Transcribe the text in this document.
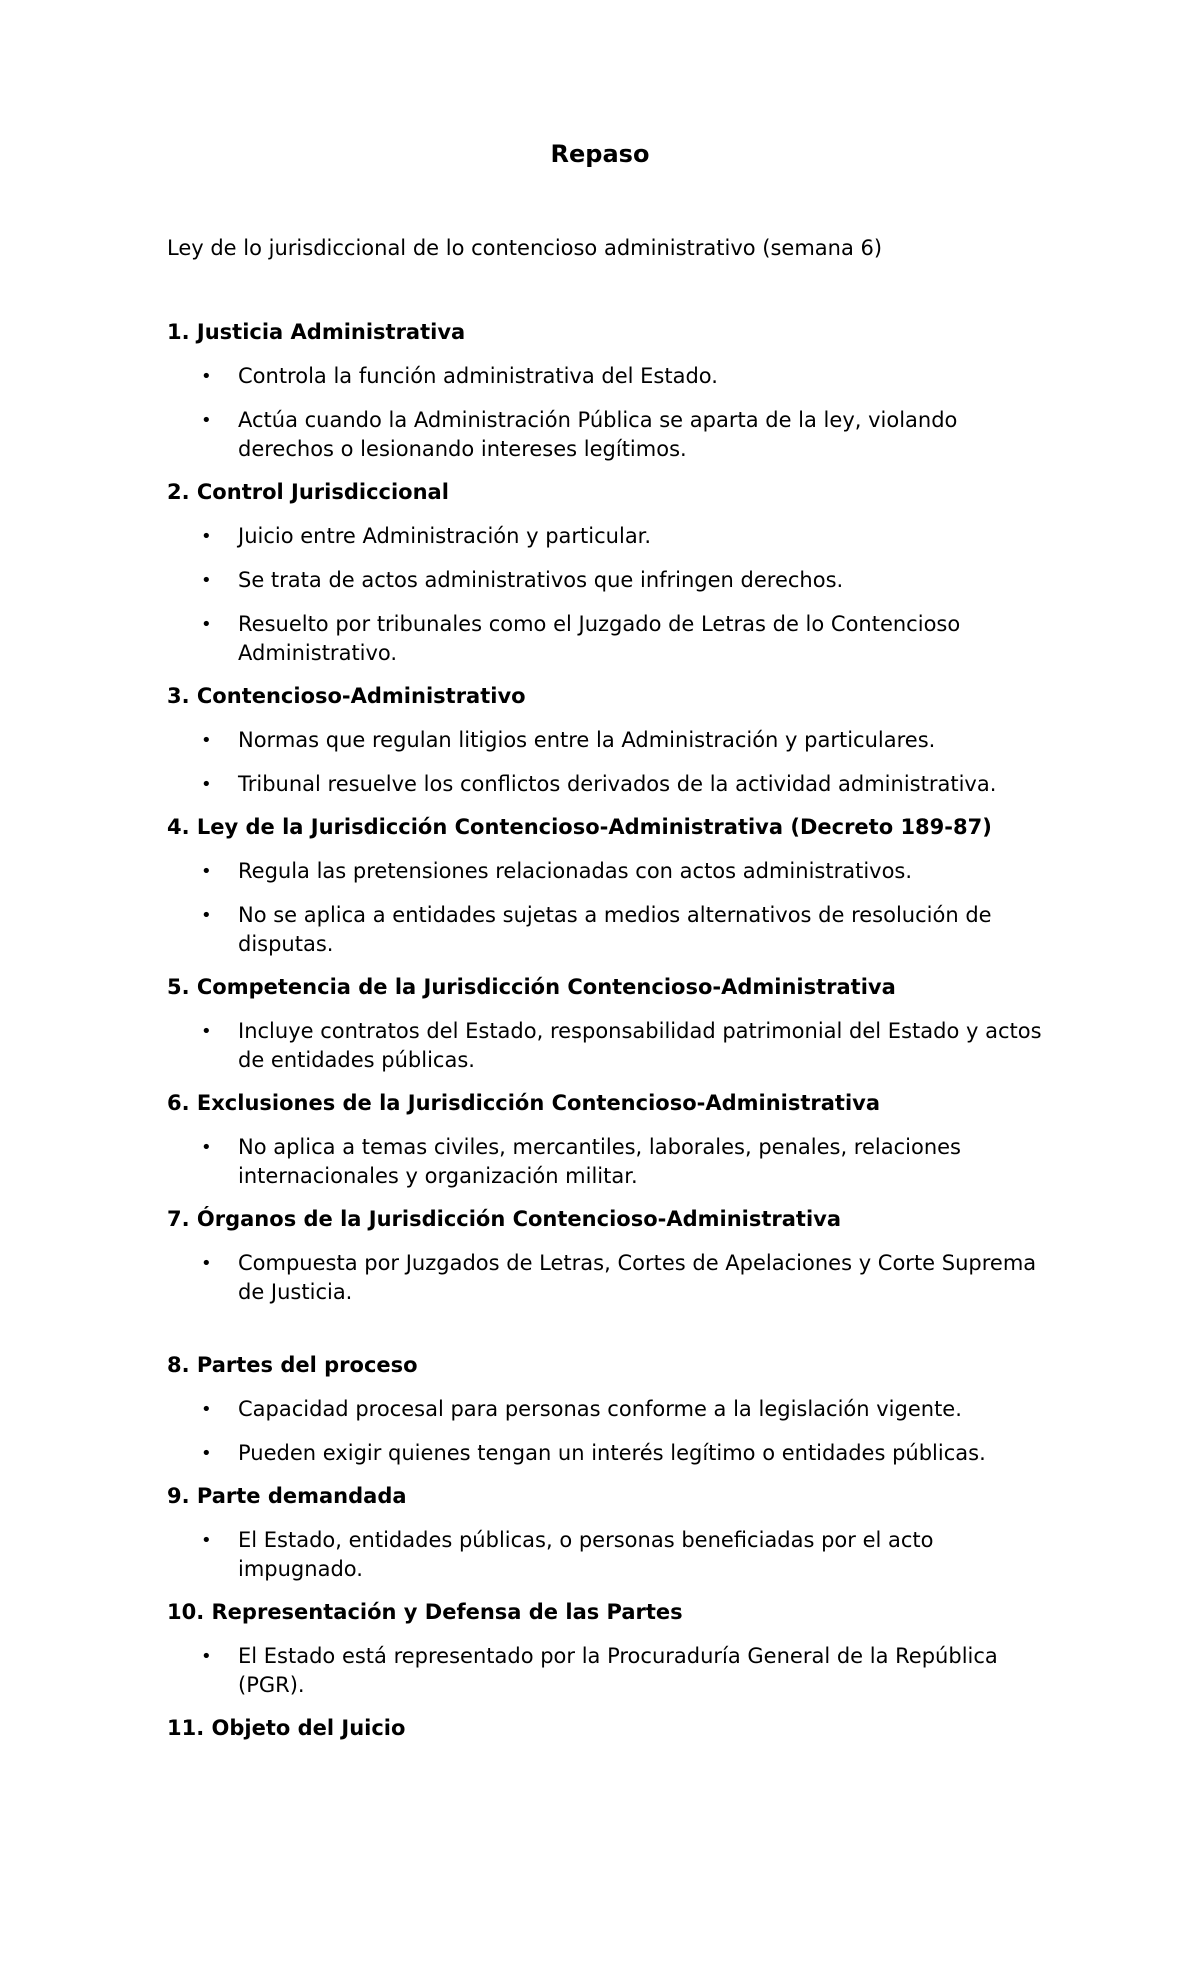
Repaso
Ley de lo jurisdiccional de lo contencioso administrativo (semana 6)
1. Justicia Administrativa
• Controla la función administrativa del Estado.
• Actúa cuando la Administración Pública se aparta de la ley, violando derechos o lesionando intereses legítimos.
2. Control Jurisdiccional
• Juicio entre Administración y particular.
• Se trata de actos administrativos que infringen derechos.
• Resuelto por tribunales como el Juzgado de Letras de lo Contencioso Administrativo.
3. Contencioso-Administrativo
• Normas que regulan litigios entre la Administración y particulares.
• Tribunal resuelve los conflictos derivados de la actividad administrativa.
4. Ley de la Jurisdicción Contencioso-Administrativa (Decreto 189-87)
• Regula las pretensiones relacionadas con actos administrativos.
• No se aplica a entidades sujetas a medios alternativos de resolución de disputas.
5. Competencia de la Jurisdicción Contencioso-Administrativa
• Incluye contratos del Estado, responsabilidad patrimonial del Estado y actos de entidades públicas.
6. Exclusiones de la Jurisdicción Contencioso-Administrativa
• No aplica a temas civiles, mercantiles, laborales, penales, relaciones internacionales y organización militar.
7. Órganos de la Jurisdicción Contencioso-Administrativa
• Compuesta por Juzgados de Letras, Cortes de Apelaciones y Corte Suprema de Justicia.
8. Partes del proceso
• Capacidad procesal para personas conforme a la legislación vigente.
• Pueden exigir quienes tengan un interés legítimo o entidades públicas.
9. Parte demandada
• El Estado, entidades públicas, o personas beneficiadas por el acto impugnado.
10. Representación y Defensa de las Partes
• El Estado está representado por la Procuraduría General de la República (PGR).
11. Objeto del Juicio
